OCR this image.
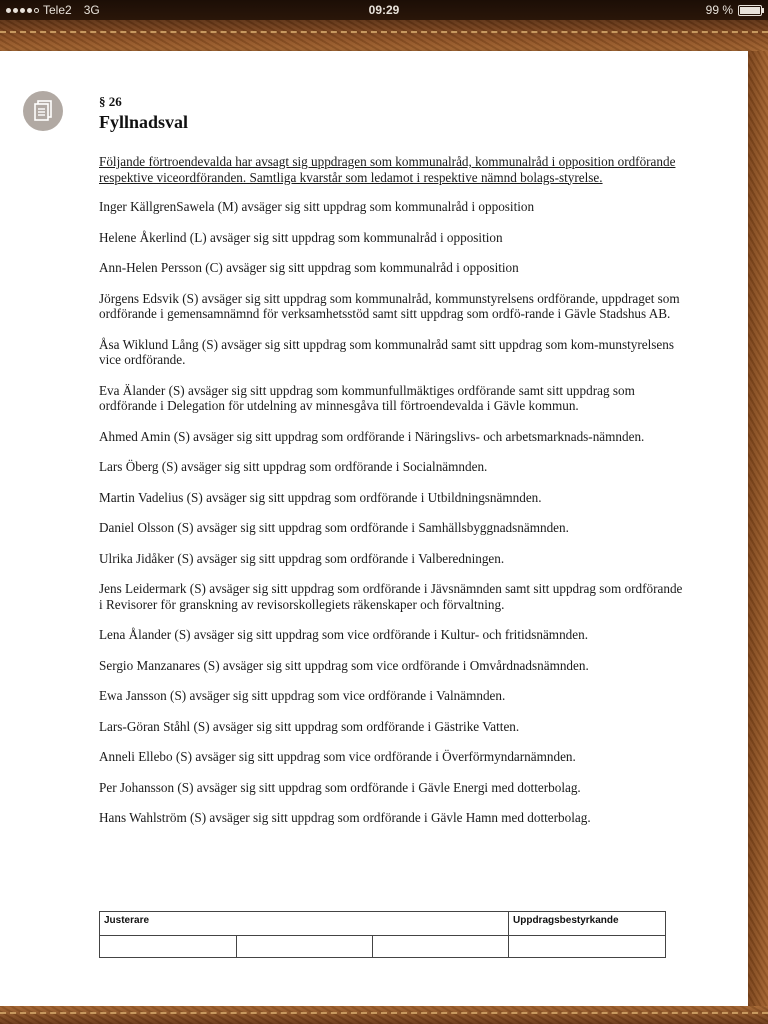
Tele2 3G	09:29	99 %
§ 26
Fyllnadsval

Följande förtroendevalda har avsagt sig uppdragen som kommunalråd, kommunalråd i opposition ordförande respektive viceordföranden. Samtliga kvarstår som ledamot i respektive nämnd bolags-styrelse.

Inger KällgrenSawela (M) avsäger sig sitt uppdrag som kommunalråd i opposition

Helene Åkerlind (L) avsäger sig sitt uppdrag som kommunalråd i opposition

Ann-Helen Persson (C) avsäger sig sitt uppdrag som kommunalråd i opposition

Jörgens Edsvik (S) avsäger sig sitt uppdrag som kommunalråd, kommunstyrelsens ordförande, uppdraget som ordförande i gemensamnämnd för verksamhetsstöd samt sitt uppdrag som ordfö-rande i Gävle Stadshus AB.

Åsa Wiklund Lång (S) avsäger sig sitt uppdrag som kommunalråd samt sitt uppdrag som kom-munstyrelsens vice ordförande.

Eva Älander (S) avsäger sig sitt uppdrag som kommunfullmäktiges ordförande samt sitt uppdrag som ordförande i Delegation för utdelning av minnesgåva till förtroendevalda i Gävle kommun.

Ahmed Amin (S) avsäger sig sitt uppdrag som ordförande i Näringslivs- och arbetsmarknads-nämnden.

Lars Öberg (S) avsäger sig sitt uppdrag som ordförande i Socialnämnden.

Martin Vadelius (S) avsäger sig sitt uppdrag som ordförande i Utbildningsnämnden.

Daniel Olsson (S) avsäger sig sitt uppdrag som ordförande i Samhällsbyggnadsnämnden.

Ulrika Jidåker (S) avsäger sig sitt uppdrag som ordförande i Valberedningen.

Jens Leidermark (S) avsäger sig sitt uppdrag som ordförande i Jävsnämnden samt sitt uppdrag som ordförande i Revisorer för granskning av revisorskollegiets räkenskaper och förvaltning.

Lena Ålander (S) avsäger sig sitt uppdrag som vice ordförande i Kultur- och fritidsnämnden.

Sergio Manzanares (S) avsäger sig sitt uppdrag som vice ordförande i Omvårdnadsnämnden.

Ewa Jansson (S) avsäger sig sitt uppdrag som vice ordförande i Valnämnden.

Lars-Göran Ståhl (S) avsäger sig sitt uppdrag som ordförande i Gästrike Vatten.

Anneli Ellebo (S) avsäger sig sitt uppdrag som vice ordförande i Överförmyndarnämnden.

Per Johansson (S) avsäger sig sitt uppdrag som ordförande i Gävle Energi med dotterbolag.

Hans Wahlström (S) avsäger sig sitt uppdrag som ordförande i Gävle Hamn med dotterbolag.

Justerare			Uppdragsbestyrkande
